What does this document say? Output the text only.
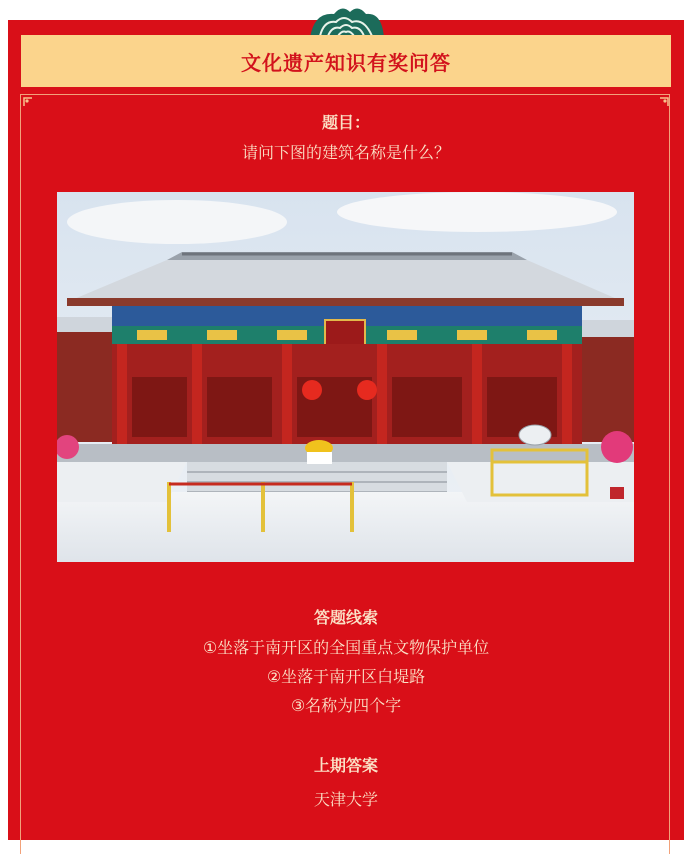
文化遗产知识有奖问答
题目：
请问下图的建筑名称是什么？
答题线索
①坐落于南开区的全国重点文物保护单位
②坐落于南开区白堤路
③名称为四个字
上期答案
天津大学
